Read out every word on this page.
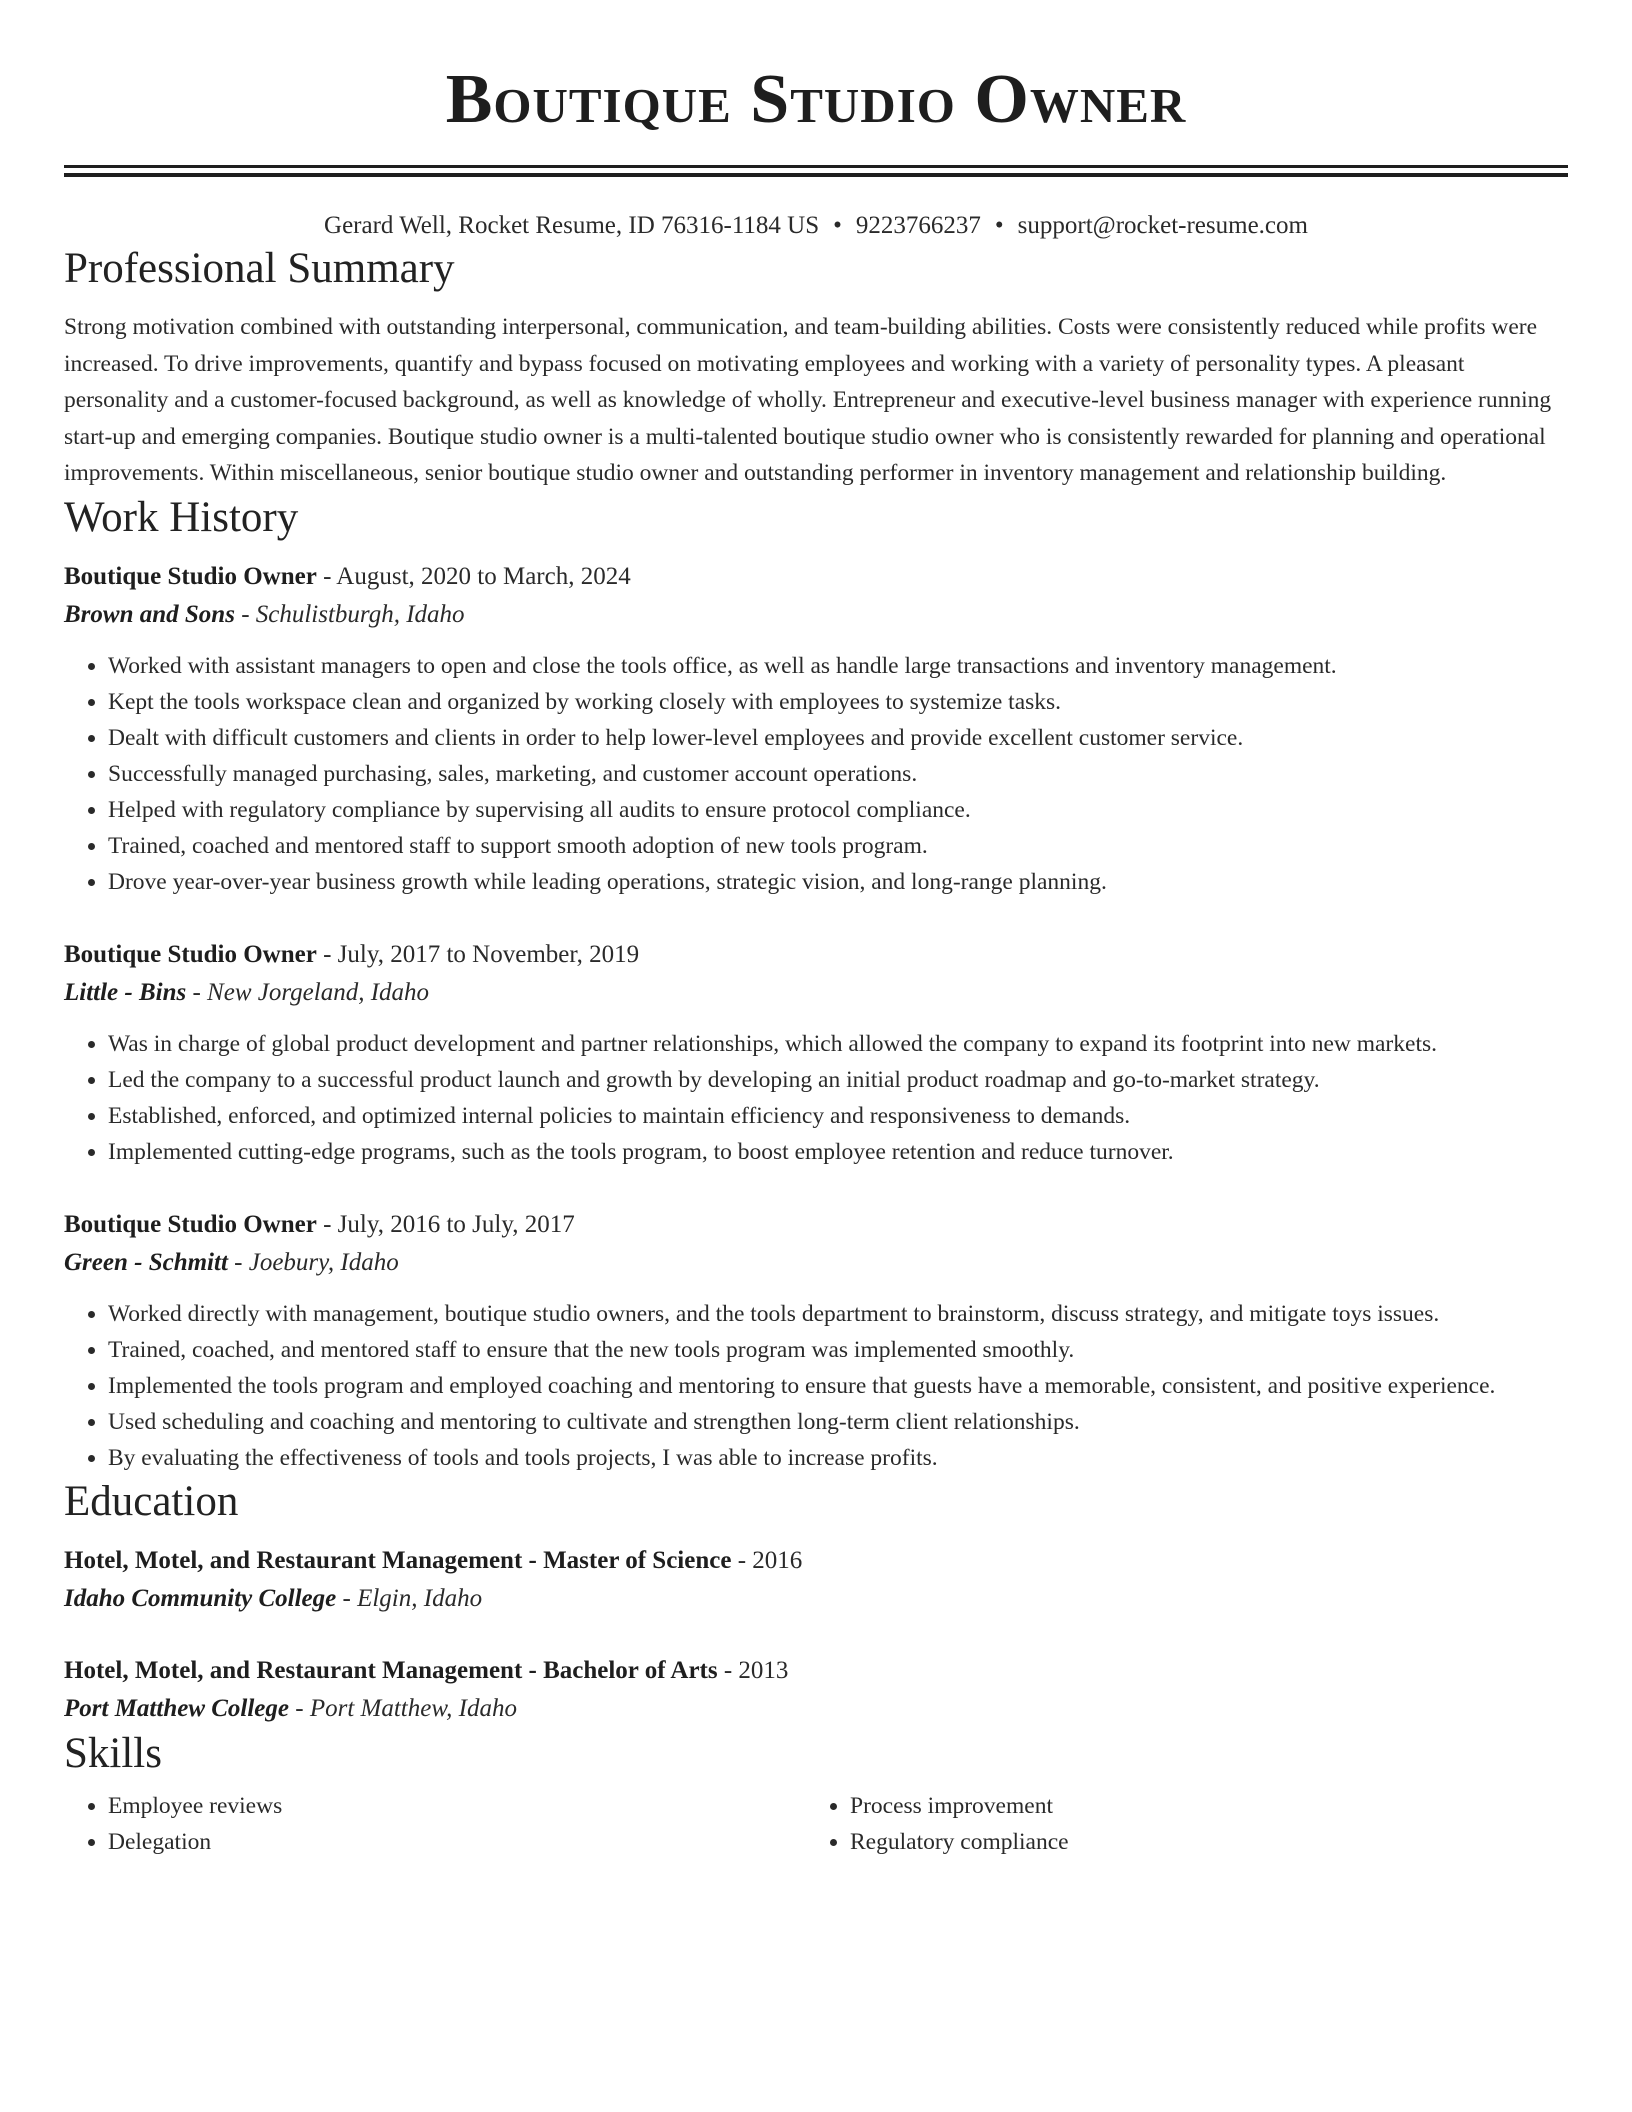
Boutique Studio Owner
Gerard Well, Rocket Resume, ID 76316-1184 US • 9223766237 • support@rocket-resume.com
Professional Summary

Strong motivation combined with outstanding interpersonal, communication, and team-building abilities. Costs were consistently reduced while profits were increased. To drive improvements, quantify and bypass focused on motivating employees and working with a variety of personality types. A pleasant personality and a customer-focused background, as well as knowledge of wholly. Entrepreneur and executive-level business manager with experience running start-up and emerging companies. Boutique studio owner is a multi-talented boutique studio owner who is consistently rewarded for planning and operational improvements. Within miscellaneous, senior boutique studio owner and outstanding performer in inventory management and relationship building.

Work History
Boutique Studio Owner - August, 2020 to March, 2024
Brown and Sons - Schulistburgh, Idaho
• Worked with assistant managers to open and close the tools office, as well as handle large transactions and inventory management.
• Kept the tools workspace clean and organized by working closely with employees to systemize tasks.
• Dealt with difficult customers and clients in order to help lower-level employees and provide excellent customer service.
• Successfully managed purchasing, sales, marketing, and customer account operations.
• Helped with regulatory compliance by supervising all audits to ensure protocol compliance.
• Trained, coached and mentored staff to support smooth adoption of new tools program.
• Drove year-over-year business growth while leading operations, strategic vision, and long-range planning.
Boutique Studio Owner - July, 2017 to November, 2019
Little - Bins - New Jorgeland, Idaho
• Was in charge of global product development and partner relationships, which allowed the company to expand its footprint into new markets.
• Led the company to a successful product launch and growth by developing an initial product roadmap and go-to-market strategy.
• Established, enforced, and optimized internal policies to maintain efficiency and responsiveness to demands.
• Implemented cutting-edge programs, such as the tools program, to boost employee retention and reduce turnover.
Boutique Studio Owner - July, 2016 to July, 2017
Green - Schmitt - Joebury, Idaho
• Worked directly with management, boutique studio owners, and the tools department to brainstorm, discuss strategy, and mitigate toys issues.
• Trained, coached, and mentored staff to ensure that the new tools program was implemented smoothly.
• Implemented the tools program and employed coaching and mentoring to ensure that guests have a memorable, consistent, and positive experience.
• Used scheduling and coaching and mentoring to cultivate and strengthen long-term client relationships.
• By evaluating the effectiveness of tools and tools projects, I was able to increase profits.
Education
Hotel, Motel, and Restaurant Management - Master of Science - 2016
Idaho Community College - Elgin, Idaho
Hotel, Motel, and Restaurant Management - Bachelor of Arts - 2013
Port Matthew College - Port Matthew, Idaho
Skills
• Employee reviews
• Delegation
• Process improvement
• Regulatory compliance
